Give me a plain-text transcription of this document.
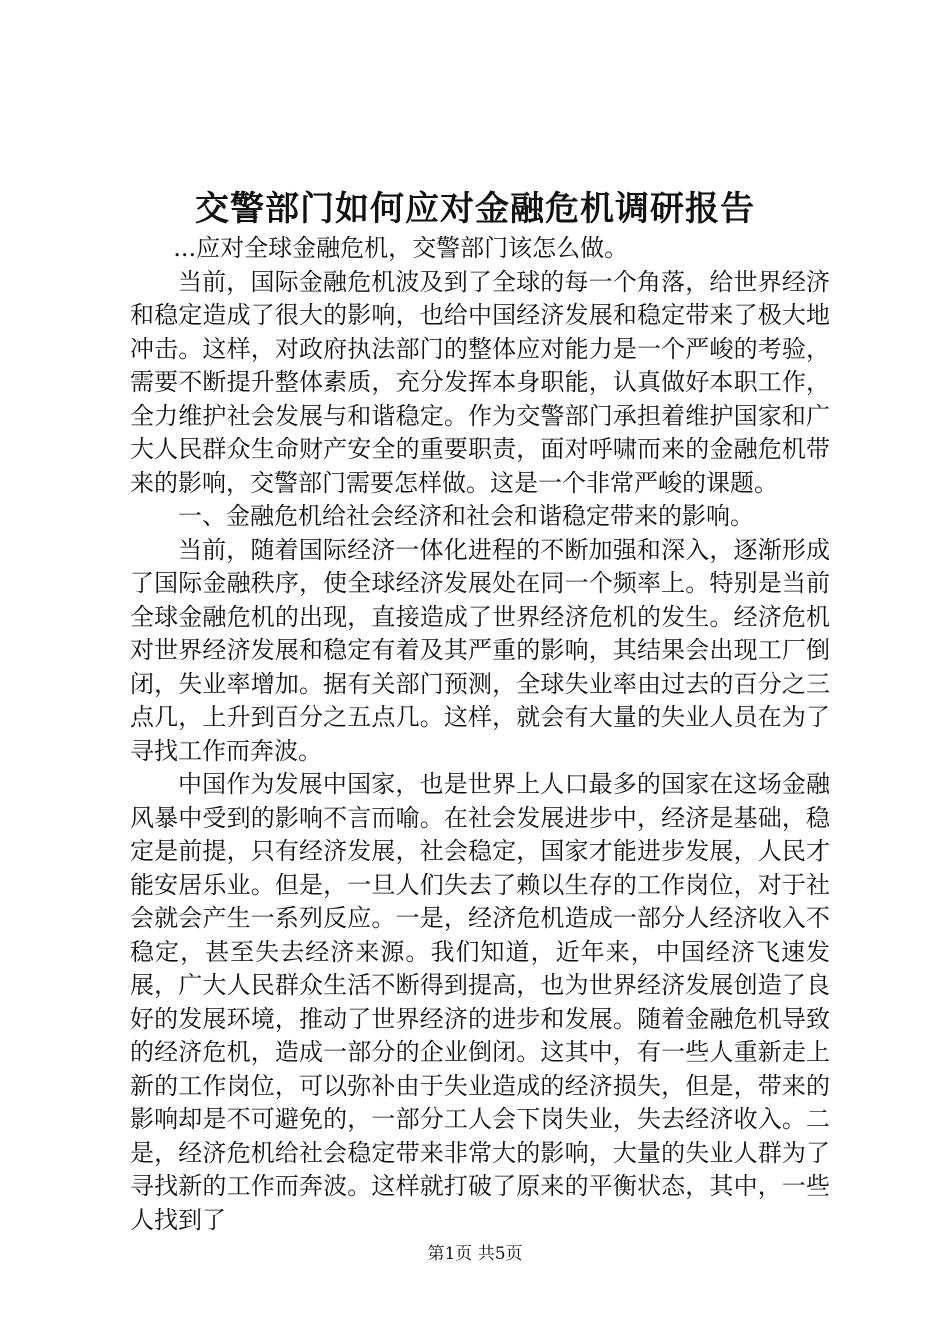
交警部门如何应对金融危机调研报告

...应对全球金融危机，交警部门该怎么做。

当前，国际金融危机波及到了全球的每一个角落，给世界经济和稳定造成了很大的影响，也给中国经济发展和稳定带来了极大地冲击。这样，对政府执法部门的整体应对能力是一个严峻的考验，需要不断提升整体素质，充分发挥本身职能，认真做好本职工作，全力维护社会发展与和谐稳定。作为交警部门承担着维护国家和广大人民群众生命财产安全的重要职责，面对呼啸而来的金融危机带来的影响，交警部门需要怎样做。这是一个非常严峻的课题。

一、金融危机给社会经济和社会和谐稳定带来的影响。

当前，随着国际经济一体化进程的不断加强和深入，逐渐形成了国际金融秩序，使全球经济发展处在同一个频率上。特别是当前全球金融危机的出现，直接造成了世界经济危机的发生。经济危机对世界经济发展和稳定有着及其严重的影响，其结果会出现工厂倒闭，失业率增加。据有关部门预测，全球失业率由过去的百分之三点几，上升到百分之五点几。这样，就会有大量的失业人员在为了寻找工作而奔波。

中国作为发展中国家，也是世界上人口最多的国家在这场金融风暴中受到的影响不言而喻。在社会发展进步中，经济是基础，稳定是前提，只有经济发展，社会稳定，国家才能进步发展，人民才能安居乐业。但是，一旦人们失去了赖以生存的工作岗位，对于社会就会产生一系列反应。一是，经济危机造成一部分人经济收入不稳定，甚至失去经济来源。我们知道，近年来，中国经济飞速发展，广大人民群众生活不断得到提高，也为世界经济发展创造了良好的发展环境，推动了世界经济的进步和发展。随着金融危机导致的经济危机，造成一部分的企业倒闭。这其中，有一些人重新走上新的工作岗位，可以弥补由于失业造成的经济损失，但是，带来的影响却是不可避免的，一部分工人会下岗失业，失去经济收入。二是，经济危机给社会稳定带来非常大的影响，大量的失业人群为了寻找新的工作而奔波。这样就打破了原来的平衡状态，其中，一些人找到了

第1页 共5页
